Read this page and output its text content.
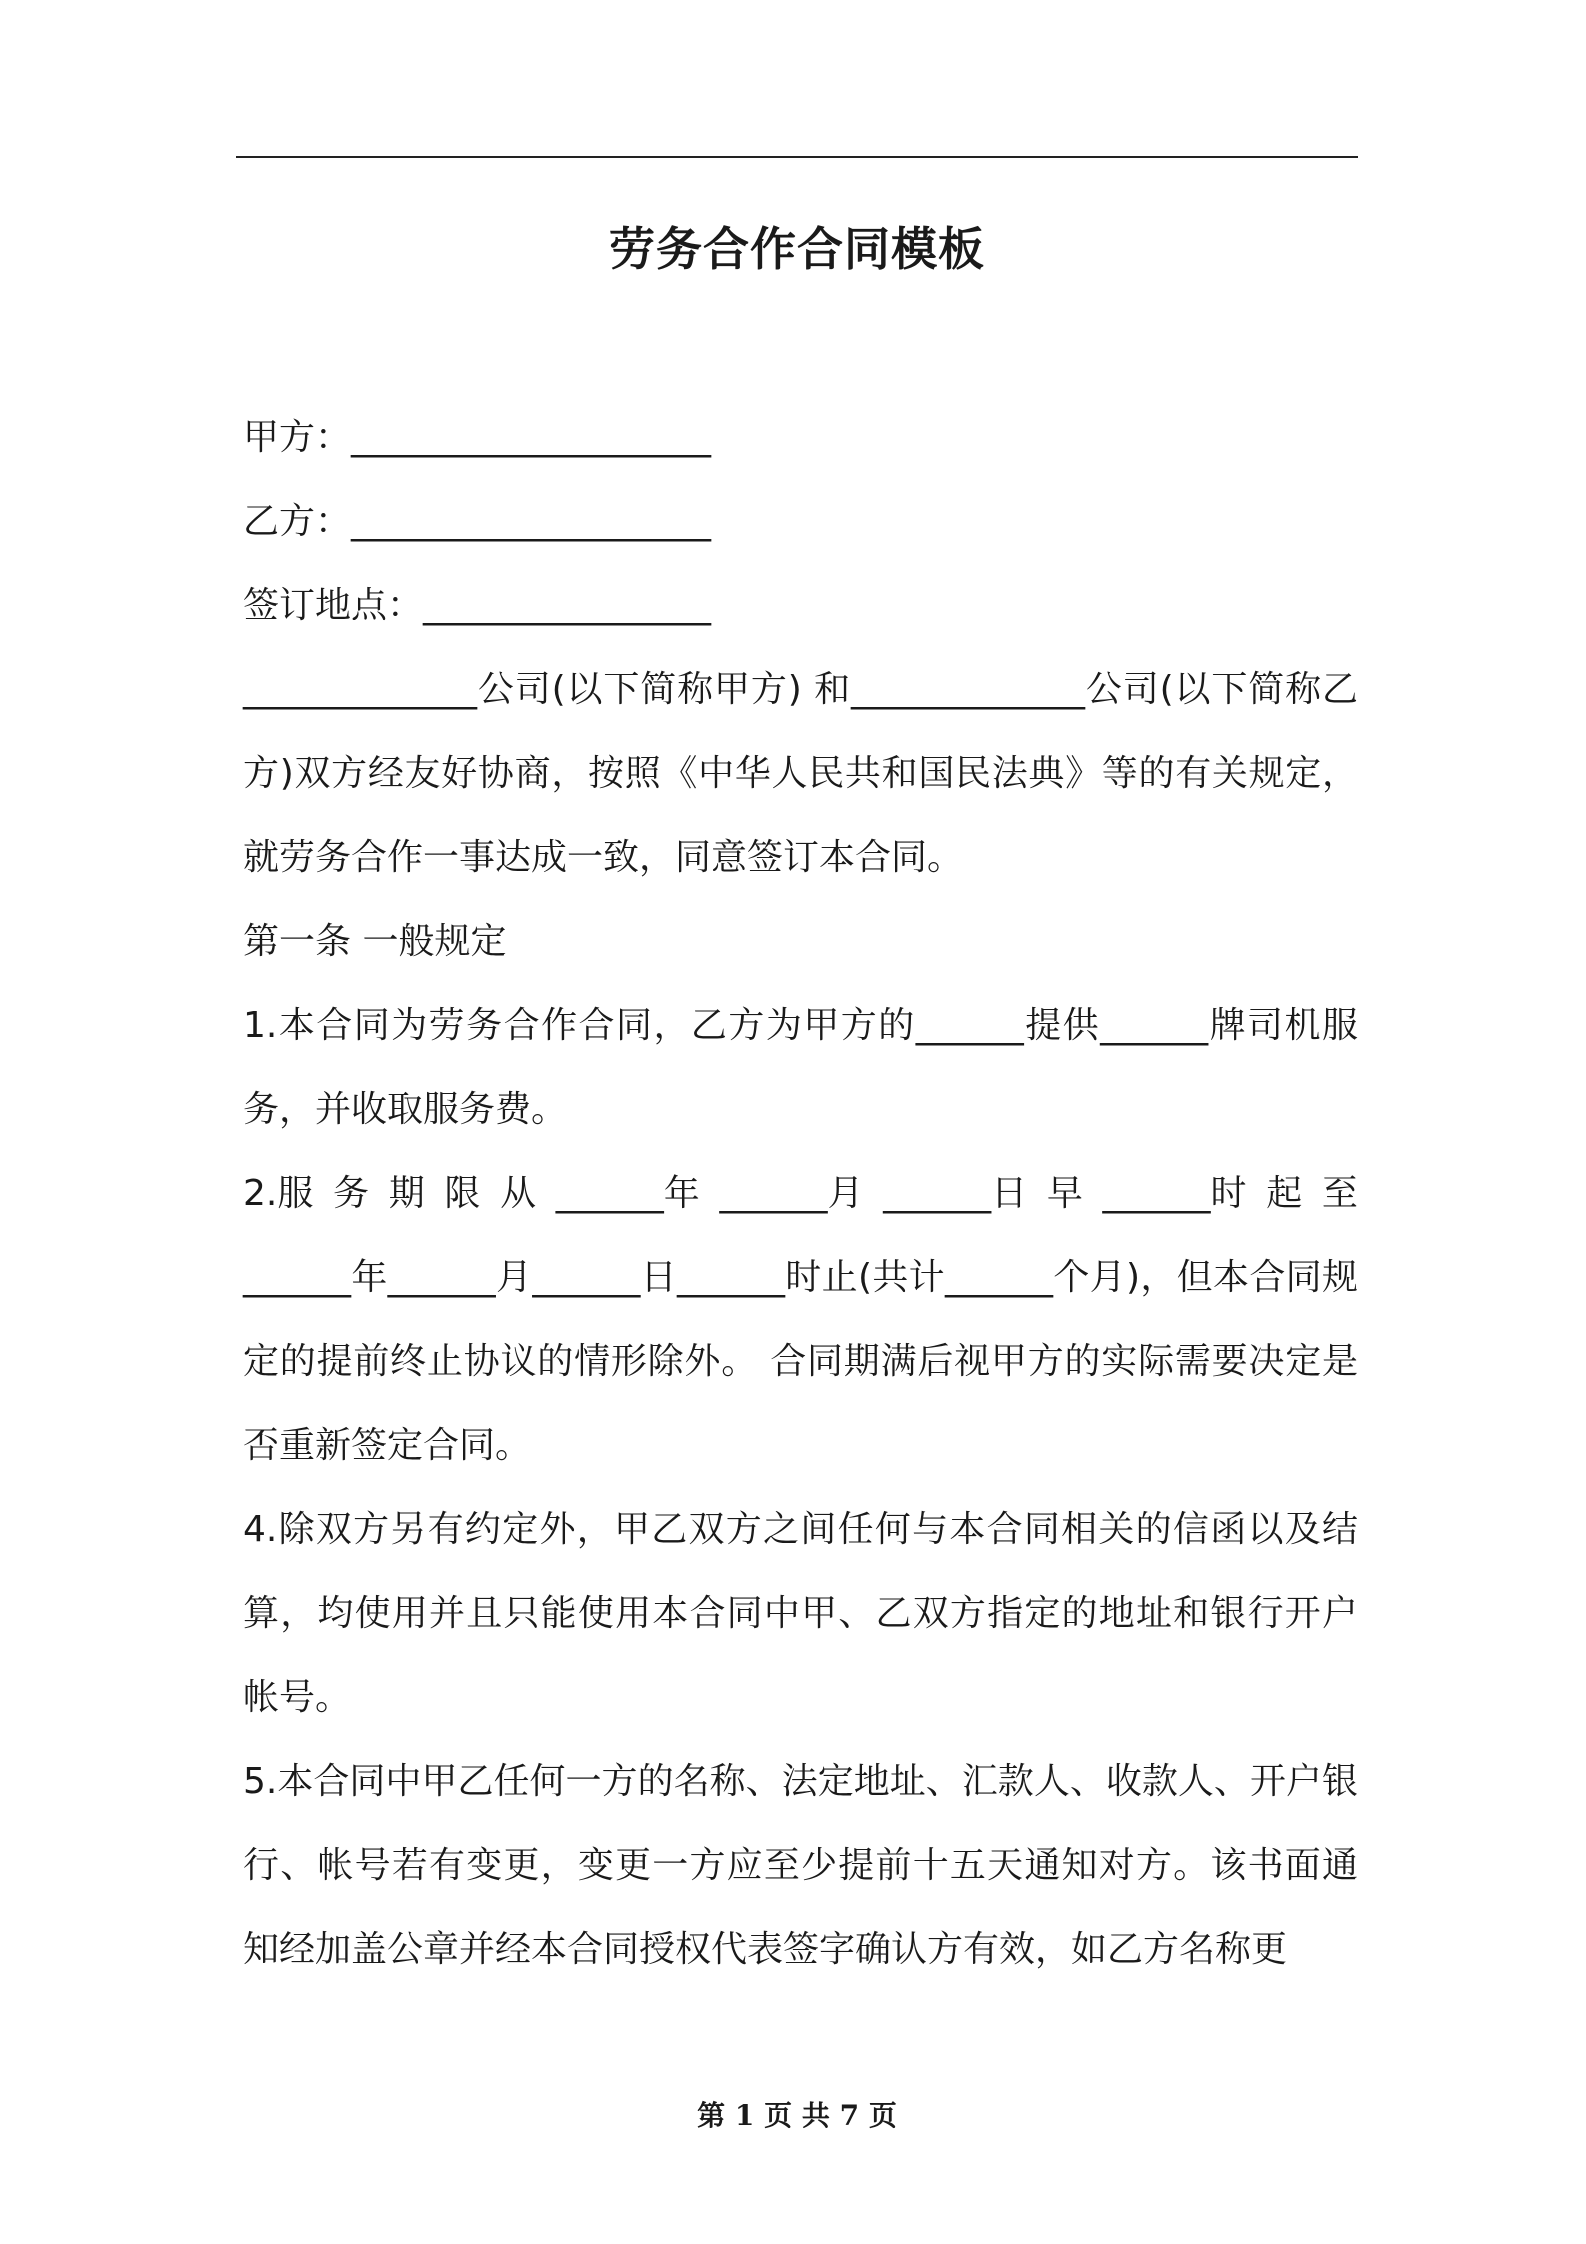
劳务合作合同模板
甲方：____________________
乙方：____________________
签订地点：________________

_____________公司(以下简称甲方) 和_____________公司(以下简称乙方)双方经友好协商，按照《中华人民共和国民法典》等的有关规定，就劳务合作一事达成一致，同意签订本合同。

第一条 一般规定

1.本合同为劳务合作合同，乙方为甲方的______提供______牌司机服务，并收取服务费。

2.服 务 期 限 从 ______年 ______月 ______日 早 ______时 起 至

______年______月______日______时止(共计______个月)，但本合同规定的提前终止协议的情形除外。 合同期满后视甲方的实际需要决定是否重新签定合同。

4.除双方另有约定外，甲乙双方之间任何与本合同相关的信函以及结算，均使用并且只能使用本合同中甲、乙双方指定的地址和银行开户帐号。

5.本合同中甲乙任何一方的名称、法定地址、汇款人、收款人、开户银行、帐号若有变更，变更一方应至少提前十五天通知对方。该书面通知经加盖公章并经本合同授权代表签字确认方有效，如乙方名称更

第 1 页 共 7 页
